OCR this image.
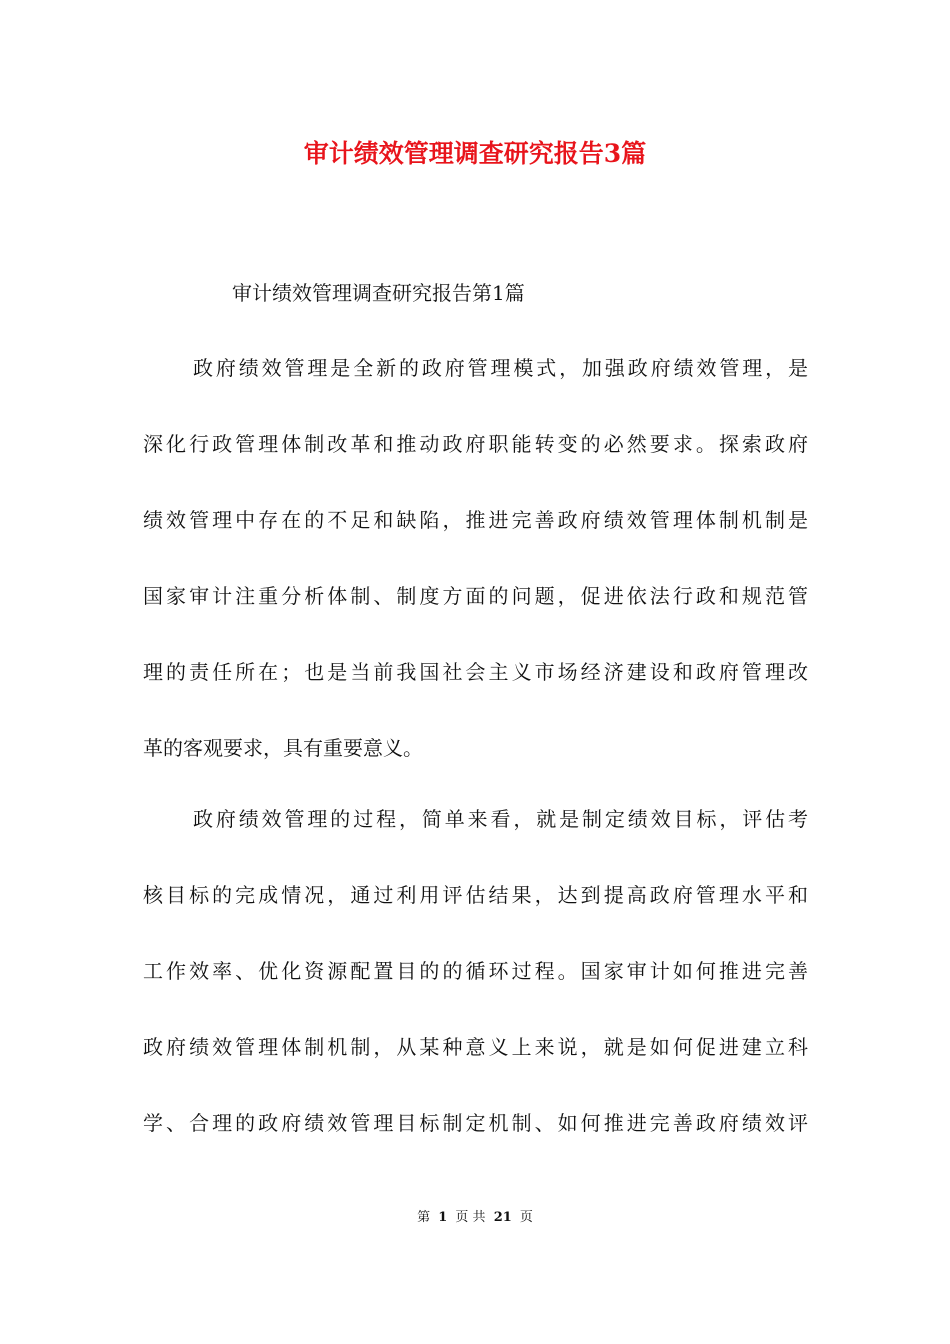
审计绩效管理调查研究报告3篇

审计绩效管理调查研究报告第1篇

政府绩效管理是全新的政府管理模式，加强政府绩效管理，是

深化行政管理体制改革和推动政府职能转变的必然要求。探索政府

绩效管理中存在的不足和缺陷，推进完善政府绩效管理体制机制是

国家审计注重分析体制、制度方面的问题，促进依法行政和规范管

理的责任所在；也是当前我国社会主义市场经济建设和政府管理改

革的客观要求，具有重要意义。

政府绩效管理的过程，简单来看，就是制定绩效目标，评估考

核目标的完成情况，通过利用评估结果，达到提高政府管理水平和

工作效率、优化资源配置目的的循环过程。国家审计如何推进完善

政府绩效管理体制机制，从某种意义上来说，就是如何促进建立科

学、合理的政府绩效管理目标制定机制、如何推进完善政府绩效评

第 1 页 共 21 页
